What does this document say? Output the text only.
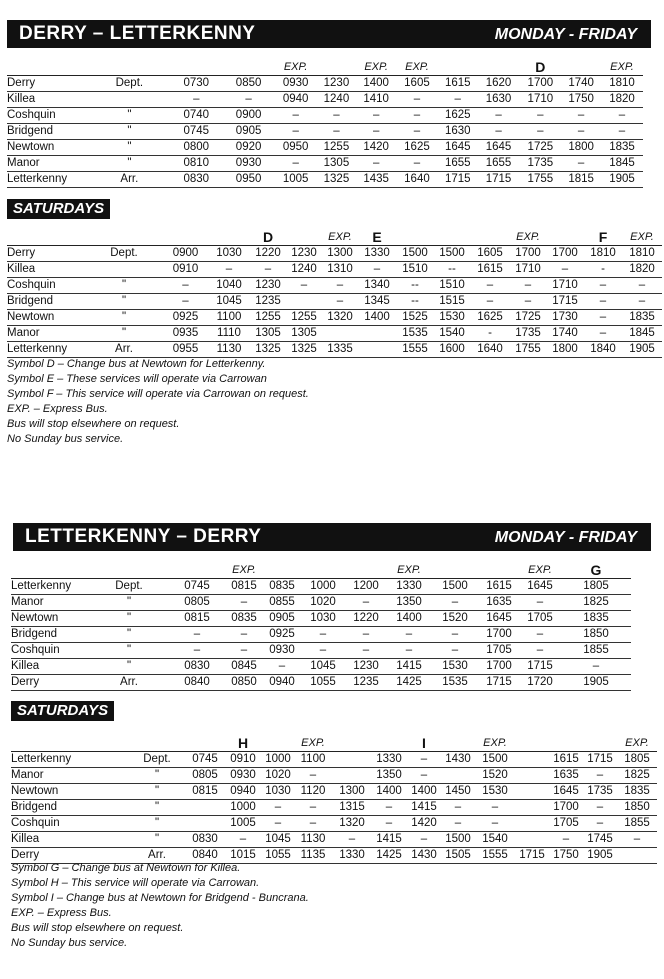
DERRY – LETTERKENNY	MONDAY - FRIDAY
				EXP.		EXP.	EXP.			D		EXP.
Derry	Dept.	0730	0850	0930	1230	1400	1605	1615	1620	1700	1740	1810
Killea		–	–	0940	1240	1410	–	–	1630	1710	1750	1820
Coshquin	"	0740	0900	–	–	–	–	1625	–	–	–	–
Bridgend	"	0745	0905	–	–	–	–	1630	–	–	–	–
Newtown	"	0800	0920	0950	1255	1420	1625	1645	1645	1725	1800	1835
Manor	"	0810	0930	–	1305	–	–	1655	1655	1735	–	1845
Letterkenny	Arr.	0830	0950	1005	1325	1435	1640	1715	1715	1755	1815	1905
SATURDAYS
				D		EXP.	E				EXP.		F	EXP.
Derry	Dept.	0900	1030	1220	1230	1300	1330	1500	1500	1605	1700	1700	1810	1810
Killea		0910	–	–	1240	1310	–	1510	--	1615	1710	–	-	1820
Coshquin	"	–	1040	1230	–	–	1340	--	1510	–	–	1710	–	–
Bridgend	"	–	1045	1235		–	1345	--	1515	–	–	1715	–	–
Newtown	"	0925	1100	1255	1255	1320	1400	1525	1530	1625	1725	1730	–	1835
Manor	"	0935	1110	1305	1305			1535	1540	-	1735	1740	–	1845
Letterkenny	Arr.	0955	1130	1325	1325	1335		1555	1600	1640	1755	1800	1840	1905
Symbol D – Change bus at Newtown for Letterkenny.
Symbol E – These services will operate via Carrowan
Symbol F – This service will operate via Carrowan on request.
EXP. – Express Bus.
Bus will stop elsewhere on request.
No Sunday bus service.
LETTERKENNY – DERRY	MONDAY - FRIDAY
			EXP.				EXP.			EXP.	G
Letterkenny	Dept.	0745	0815	0835	1000	1200	1330	1500	1615	1645	1805
Manor	"	0805	–	0855	1020	–	1350	–	1635	–	1825
Newtown	"	0815	0835	0905	1030	1220	1400	1520	1645	1705	1835
Bridgend	"	–	–	0925	–	–	–	–	1700	–	1850
Coshquin	"	–	–	0930	–	–	–	–	1705	–	1855
Killea	"	0830	0845	–	1045	1230	1415	1530	1700	1715	–
Derry	Arr.	0840	0850	0940	1055	1235	1425	1535	1715	1720	1905
SATURDAYS
			H		EXP.			I		EXP.				EXP.
Letterkenny	Dept.	0745	0910	1000	1100		1330	–	1430	1500		1615	1715	1805
Manor	"	0805	0930	1020	–		1350	–		1520		1635	–	1825
Newtown	"	0815	0940	1030	1120	1300	1400	1400	1450	1530		1645	1735	1835
Bridgend	"		1000	–	–	1315	–	1415	–	–		1700	–	1850
Coshquin	"		1005	–	–	1320	–	1420	–	–		1705	–	1855
Killea	"	0830	–	1045	1130	–	1415	–	1500	1540		–	1745	–
Derry	Arr.	0840	1015	1055	1135	1330	1425	1430	1505	1555	1715	1750	1905	
Symbol G – Change bus at Newtown for Killea.
Symbol H – This service will operate via Carrowan.
Symbol I – Change bus at Newtown for Bridgend - Buncrana.
EXP. – Express Bus.
Bus will stop elsewhere on request.
No Sunday bus service.
